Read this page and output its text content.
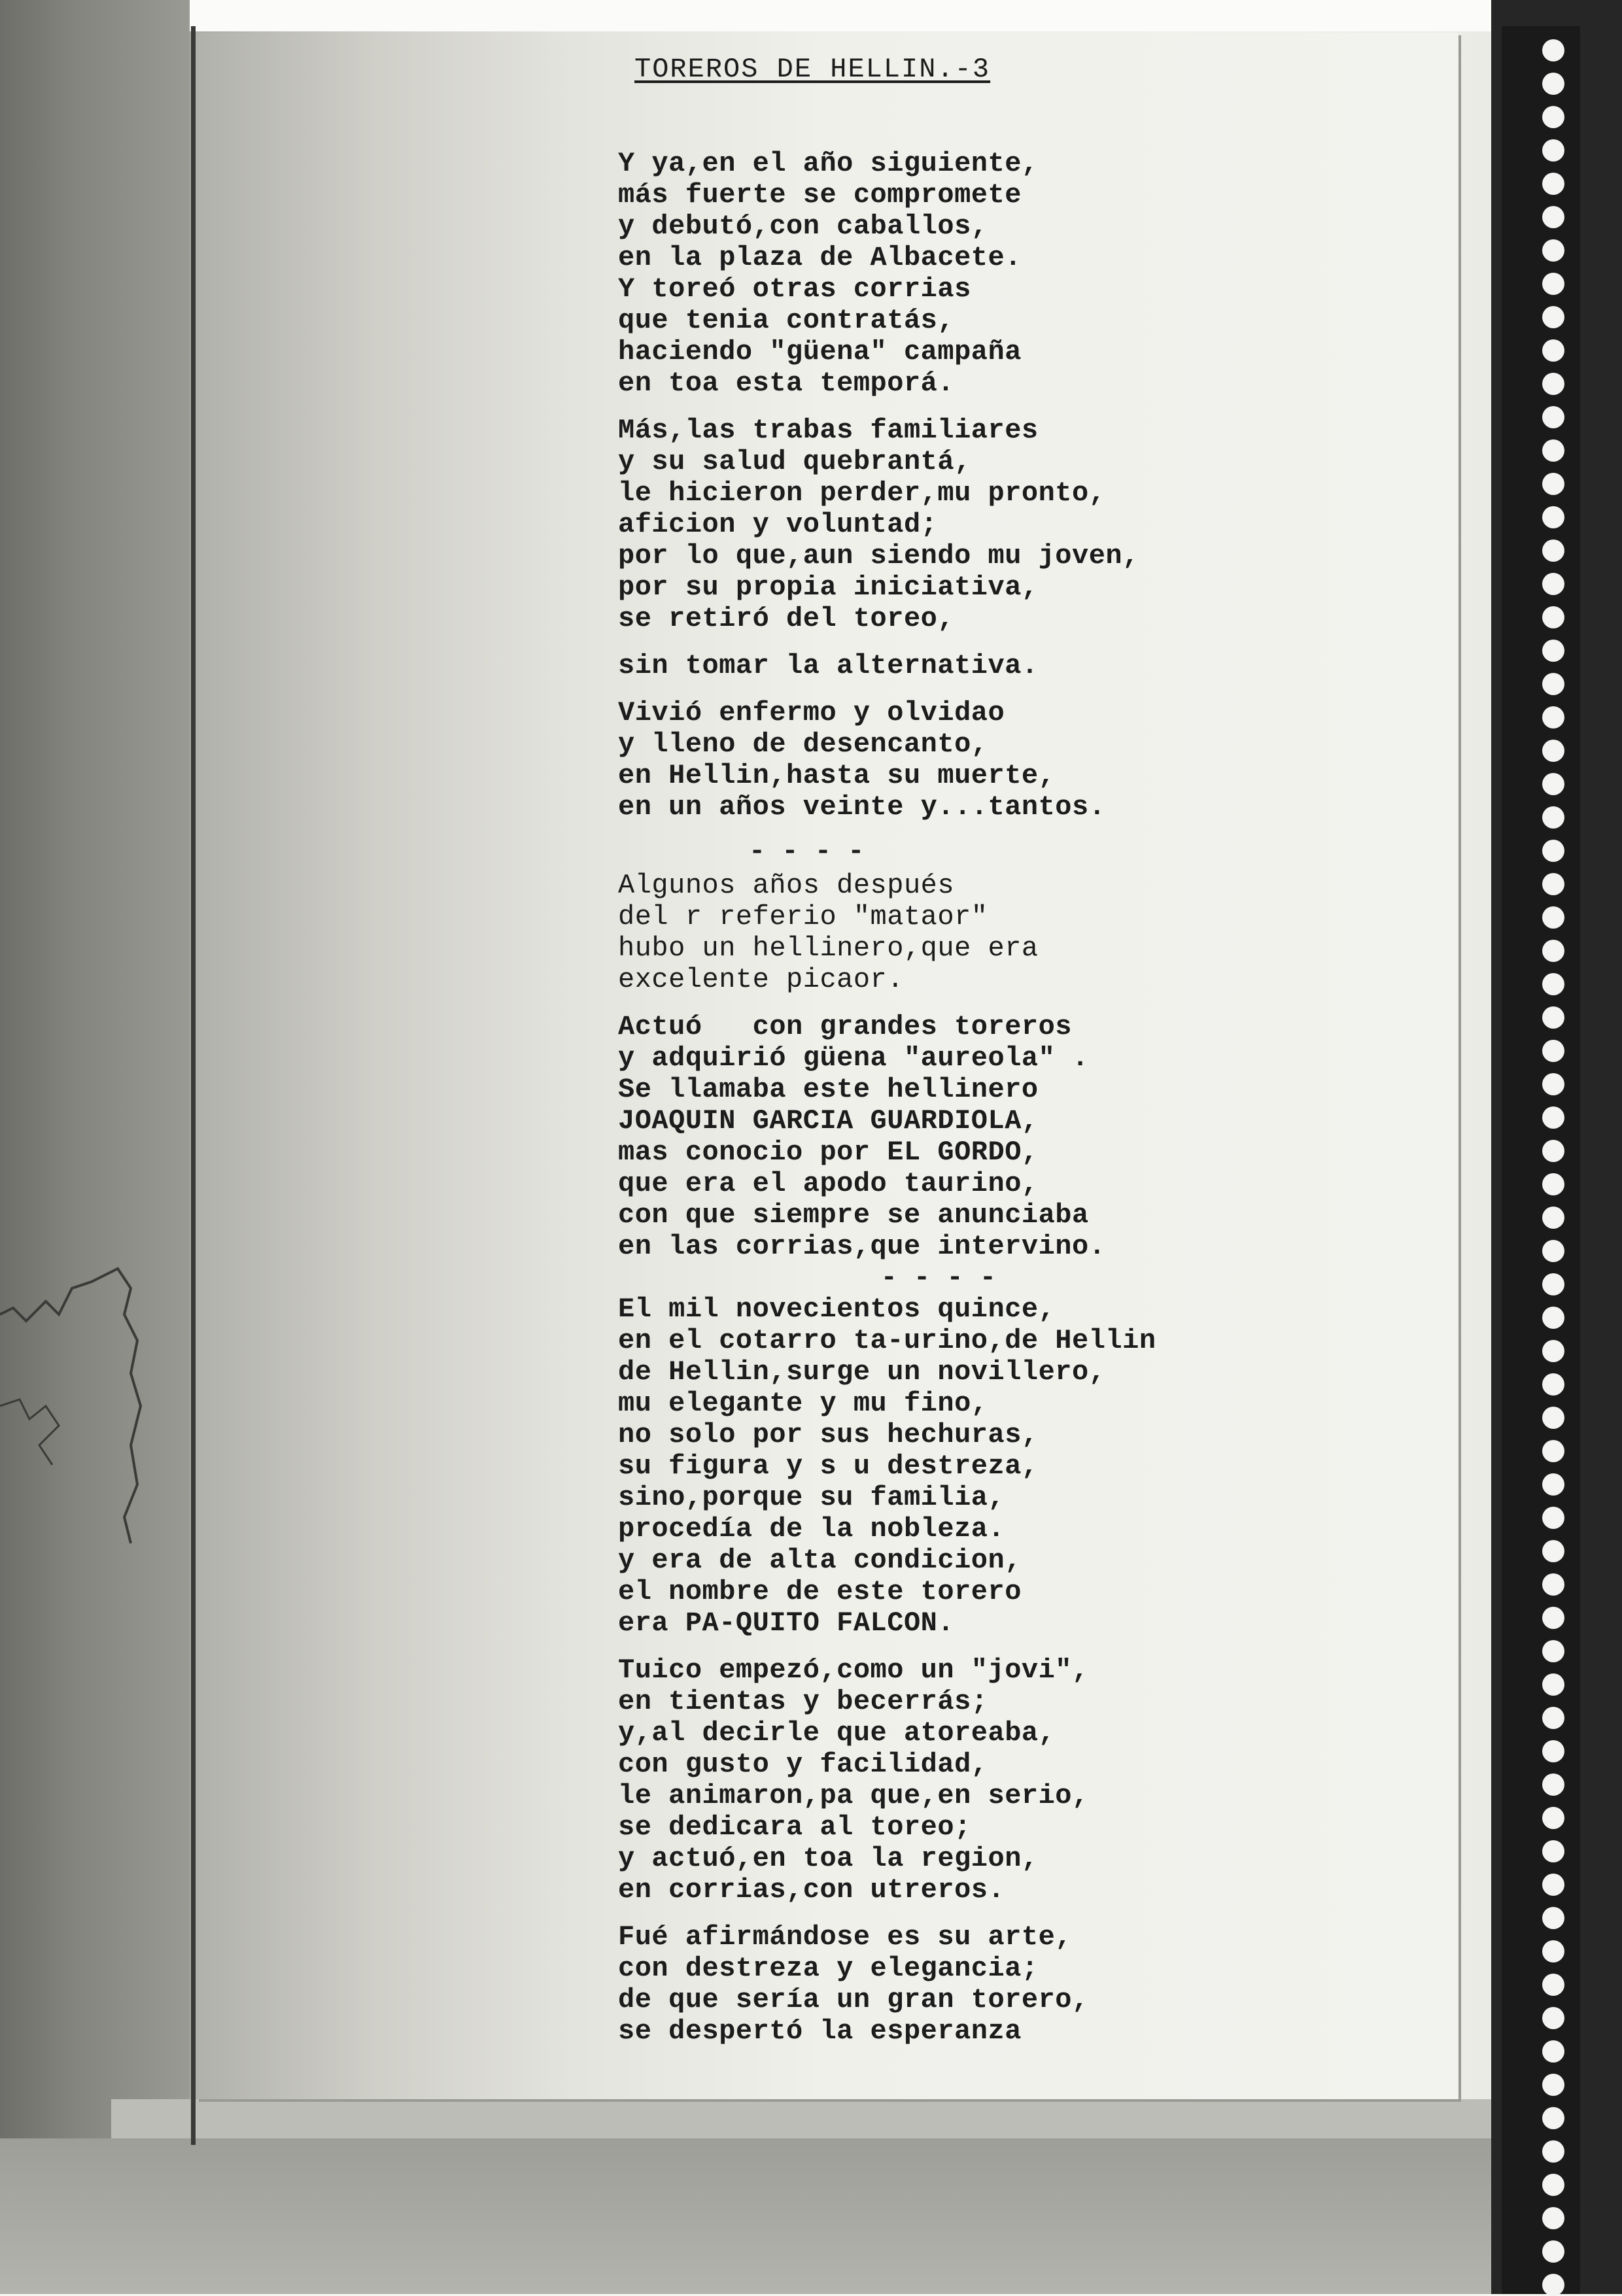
TOREROS DE HELLIN.-3
Y ya,en el año siguiente,
más fuerte se compromete
y debutó,con caballos,
en la plaza de Albacete.
Y toreó otras corrias
que tenia contratás,
haciendo "güena" campaña
en toa esta temporá.
Más,las trabas familiares
y su salud quebrantá,
le hicieron perder,mu pronto,
aficion y voluntad;
por lo que,aun siendo mu joven,
por su propia iniciativa,
se retiró del toreo,
sin tomar la alternativa.
Vivió enfermo y olvidao
y lleno de desencanto,
en Hellin,hasta su muerte,
en un años veinte y...tantos.
- - - -
Algunos años después
del r referio "mataor"
hubo un hellinero,que era
excelente picaor.
Actuó   con grandes toreros
y adquirió güena "aureola" .
Se llamaba este hellinero
JOAQUIN GARCIA GUARDIOLA,
mas conocio por EL GORDO,
que era el apodo taurino,
con que siempre se anunciaba
en las corrias,que intervino.
- - - -
El mil novecientos quince,
en el cotarro ta-urino,de Hellin
de Hellin,surge un novillero,
mu elegante y mu fino,
no solo por sus hechuras,
su figura y s u destreza,
sino,porque su familia,
procedía de la nobleza.
y era de alta condicion,
el nombre de este torero
era PA-QUITO FALCON.
Tuico empezó,como un "jovi",
en tientas y becerrás;
y,al decirle que atoreaba,
con gusto y facilidad,
le animaron,pa que,en serio,
se dedicara al toreo;
y actuó,en toa la region,
en corrias,con utreros.
Fué afirmándose es su arte,
con destreza y elegancia;
de que sería un gran torero,
se despertó la esperanza
